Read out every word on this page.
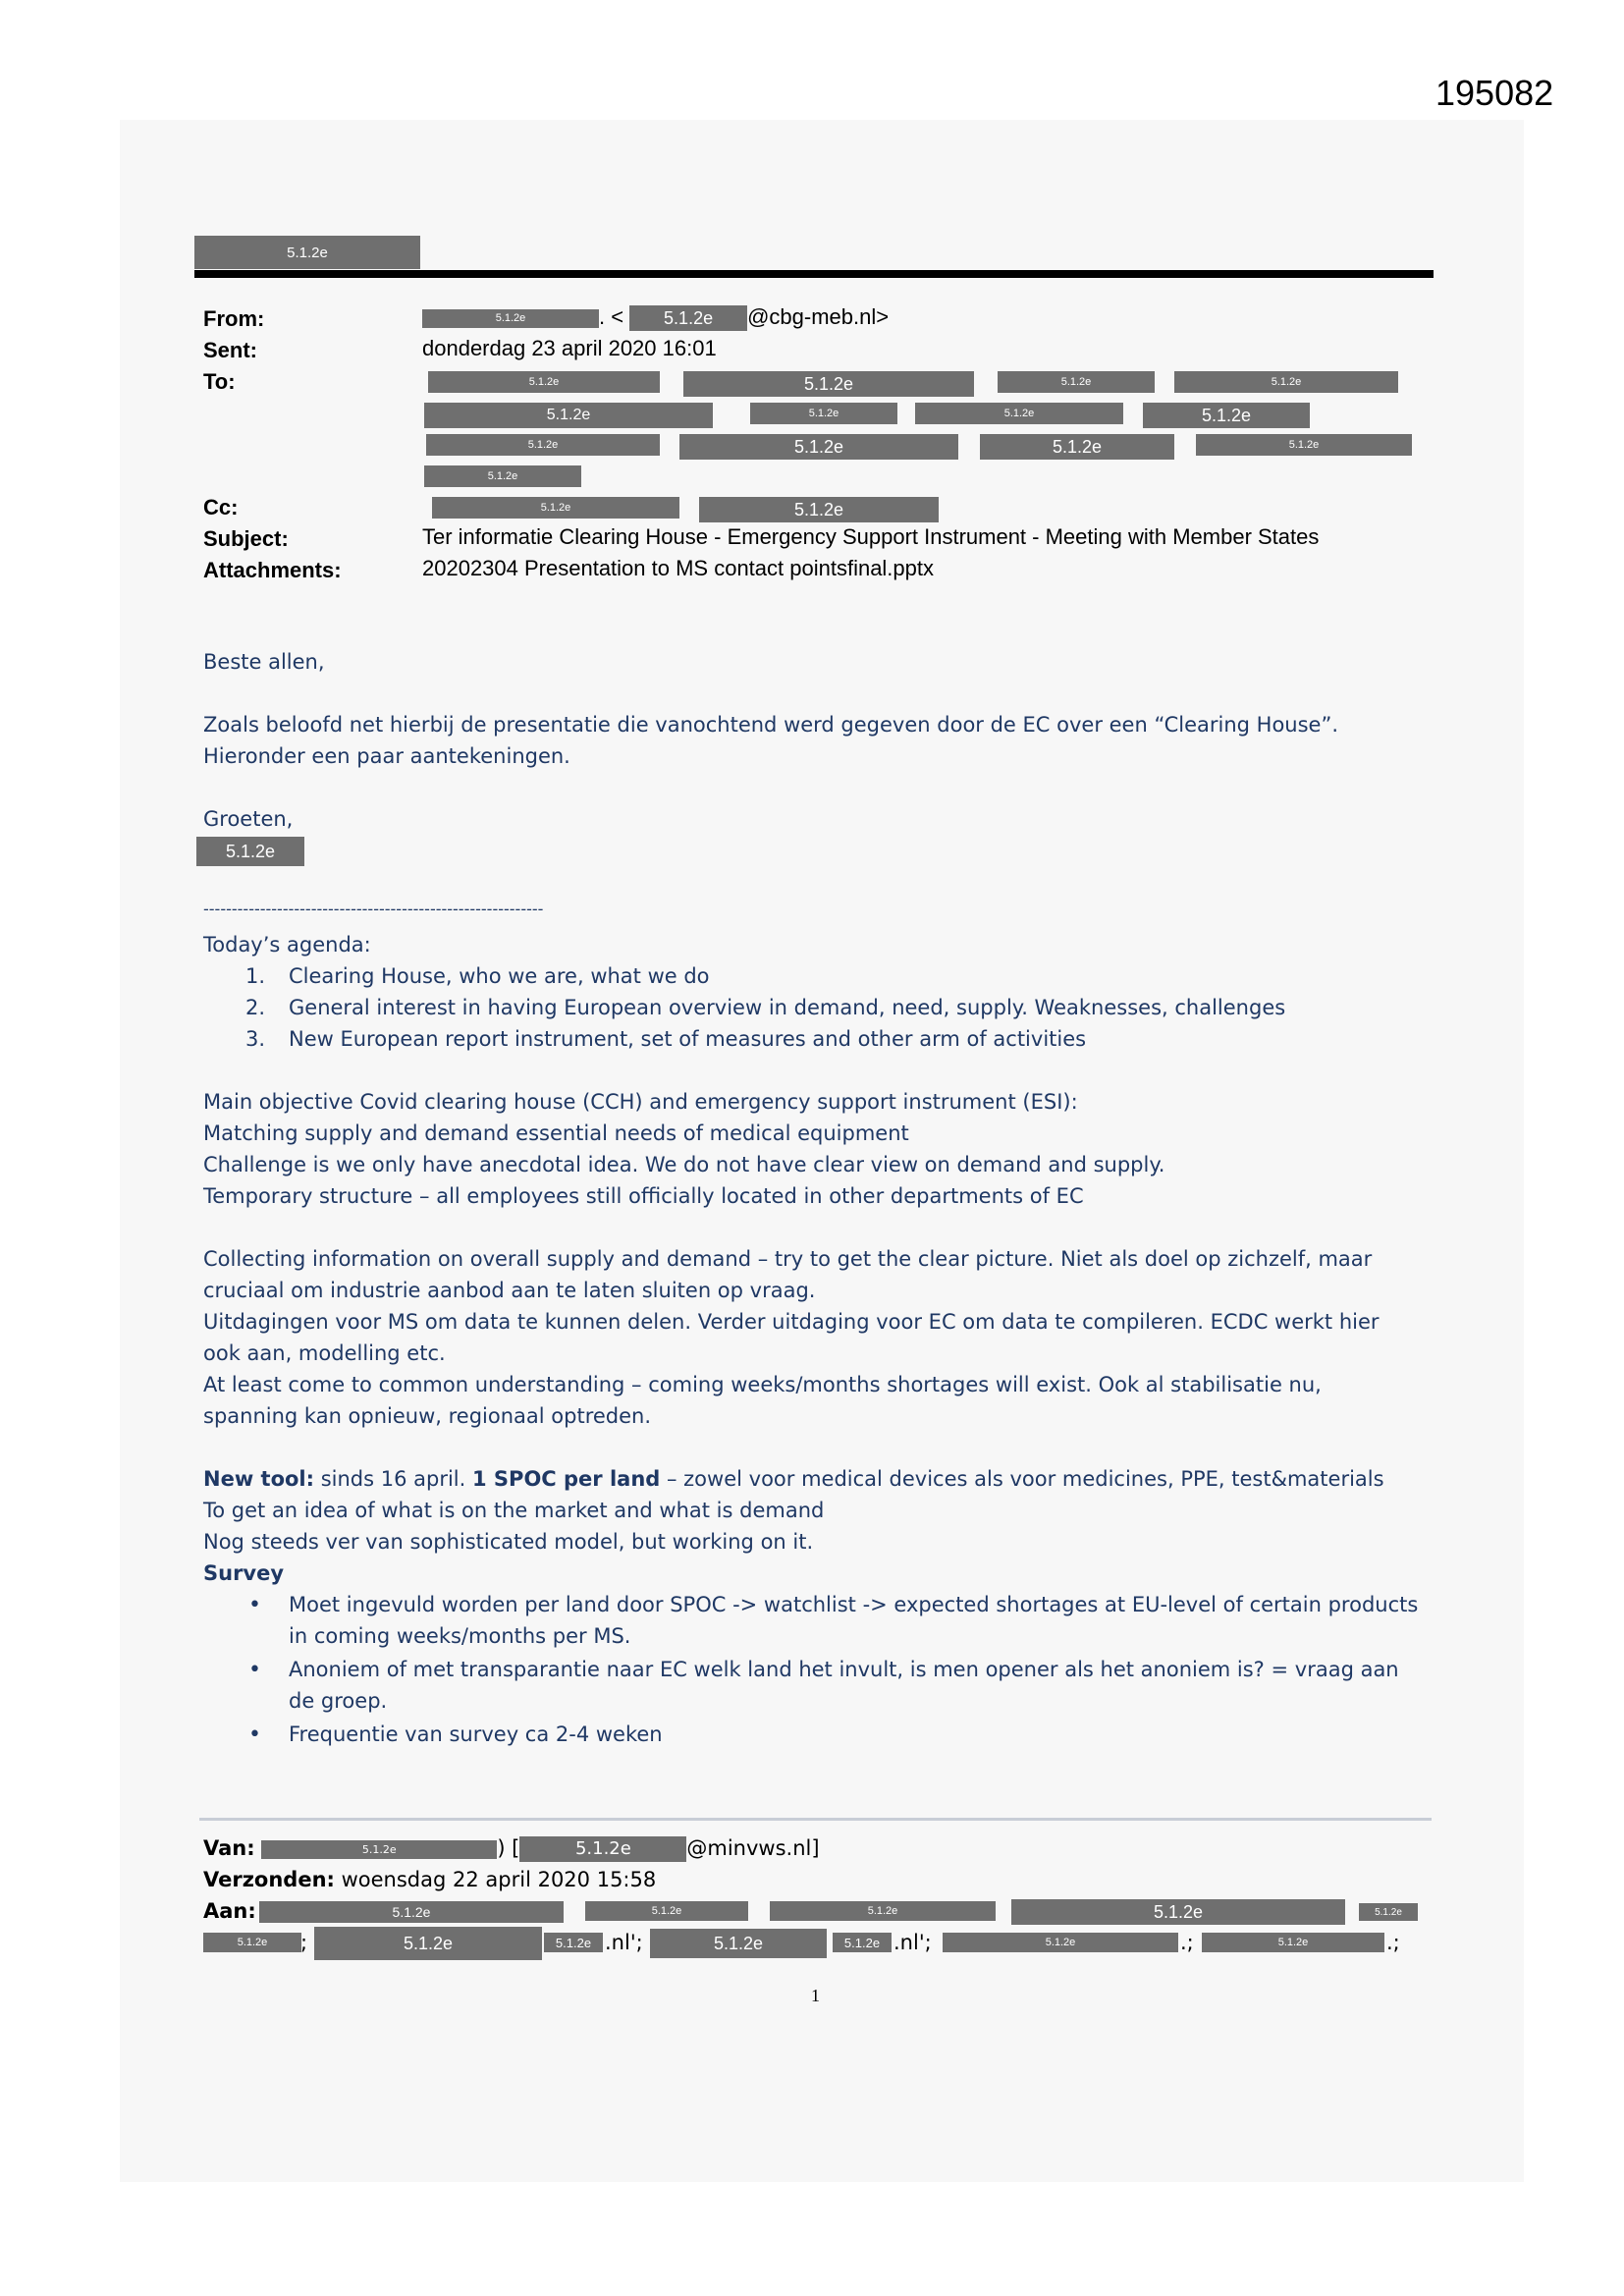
195082
5.1.2e
From:	5.1.2e	. < 5.1.2e @cbg-meb.nl>
Sent:	donderdag 23 april 2020 16:01
To:	5.1.2e	5.1.2e	5.1.2e	5.1.2e
5.1.2e	5.1.2e	5.1.2e	5.1.2e
5.1.2e	5.1.2e	5.1.2e	5.1.2e
5.1.2e
Cc:	5.1.2e	5.1.2e
Subject:	Ter informatie Clearing House - Emergency Support Instrument - Meeting with Member States
Attachments:	20202304 Presentation to MS contact pointsfinal.pptx
Beste allen,
Zoals beloofd net hierbij de presentatie die vanochtend werd gegeven door de EC over een “Clearing House”.
Hieronder een paar aantekeningen.
Groeten,
5.1.2e
------------------------------------------------------------
Today’s agenda:
1. Clearing House, who we are, what we do
2. General interest in having European overview in demand, need, supply. Weaknesses, challenges
3. New European report instrument, set of measures and other arm of activities
Main objective Covid clearing house (CCH) and emergency support instrument (ESI):
Matching supply and demand essential needs of medical equipment
Challenge is we only have anecdotal idea. We do not have clear view on demand and supply.
Temporary structure – all employees still officially located in other departments of EC
Collecting information on overall supply and demand – try to get the clear picture. Niet als doel op zichzelf, maar
cruciaal om industrie aanbod aan te laten sluiten op vraag.
Uitdagingen voor MS om data te kunnen delen. Verder uitdaging voor EC om data te compileren. ECDC werkt hier
ook aan, modelling etc.
At least come to common understanding – coming weeks/months shortages will exist. Ook al stabilisatie nu,
spanning kan opnieuw, regionaal optreden.
New tool: sinds 16 april. 1 SPOC per land – zowel voor medical devices als voor medicines, PPE, test&materials
To get an idea of what is on the market and what is demand
Nog steeds ver van sophisticated model, but working on it.
Survey
• Moet ingevuld worden per land door SPOC -> watchlist -> expected shortages at EU-level of certain products
in coming weeks/months per MS.
• Anoniem of met transparantie naar EC welk land het invult, is men opener als het anoniem is? = vraag aan
de groep.
• Frequentie van survey ca 2-4 weken
Van:	5.1.2e	) [	5.1.2e	@minvws.nl]
Verzonden: woensdag 22 april 2020 15:58
Aan:	5.1.2e	5.1.2e	5.1.2e	5.1.2e	5.1.2e
5.1.2e	;	5.1.2e	5.1.2e .nl';	5.1.2e	5.1.2e .nl';	5.1.2e	.;	5.1.2e	.;
1
